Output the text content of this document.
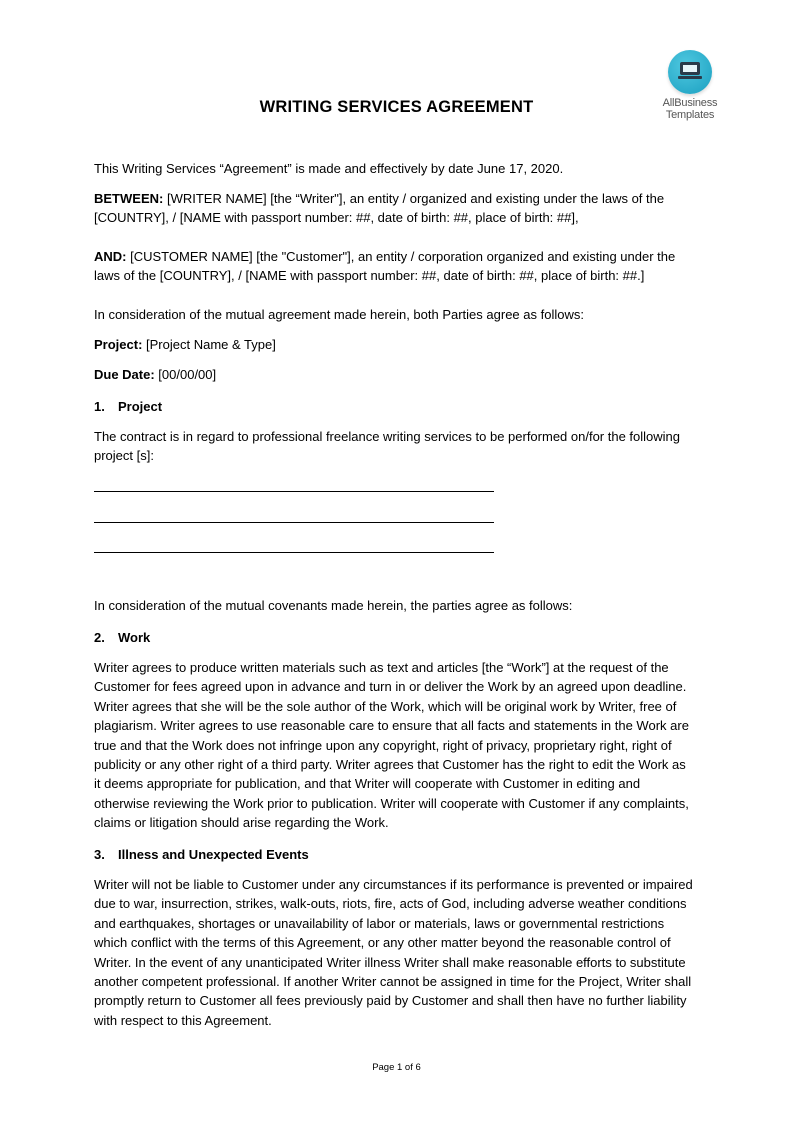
AllBusiness
Templates
WRITING SERVICES AGREEMENT
This Writing Services “Agreement” is made and effectively by date June 17, 2020.
BETWEEN: [WRITER NAME] [the “Writer"], an entity / organized and existing under the laws of the [COUNTRY], / [NAME with passport number: ##, date of birth: ##, place of birth: ##],
AND: [CUSTOMER NAME] [the "Customer"], an entity / corporation organized and existing under the laws of the [COUNTRY], / [NAME with passport number: ##, date of birth: ##, place of birth: ##.]
In consideration of the mutual agreement made herein, both Parties agree as follows:
Project: [Project Name & Type]
Due Date: [00/00/00]
1. Project
The contract is in regard to professional freelance writing services to be performed on/for the following project [s]:
In consideration of the mutual covenants made herein, the parties agree as follows:
2. Work
Writer agrees to produce written materials such as text and articles [the “Work”] at the request of the Customer for fees agreed upon in advance and turn in or deliver the Work by an agreed upon deadline. Writer agrees that she will be the sole author of the Work, which will be original work by Writer, free of plagiarism. Writer agrees to use reasonable care to ensure that all facts and statements in the Work are true and that the Work does not infringe upon any copyright, right of privacy, proprietary right, right of publicity or any other right of a third party. Writer agrees that Customer has the right to edit the Work as it deems appropriate for publication, and that Writer will cooperate with Customer in editing and otherwise reviewing the Work prior to publication. Writer will cooperate with Customer if any complaints, claims or litigation should arise regarding the Work.
3. Illness and Unexpected Events
Writer will not be liable to Customer under any circumstances if its performance is prevented or impaired due to war, insurrection, strikes, walk-outs, riots, fire, acts of God, including adverse weather conditions and earthquakes, shortages or unavailability of labor or materials, laws or governmental restrictions which conflict with the terms of this Agreement, or any other matter beyond the reasonable control of Writer. In the event of any unanticipated Writer illness Writer shall make reasonable efforts to substitute another competent professional. If another Writer cannot be assigned in time for the Project, Writer shall promptly return to Customer all fees previously paid by Customer and shall then have no further liability with respect to this Agreement.
Page 1 of 6
